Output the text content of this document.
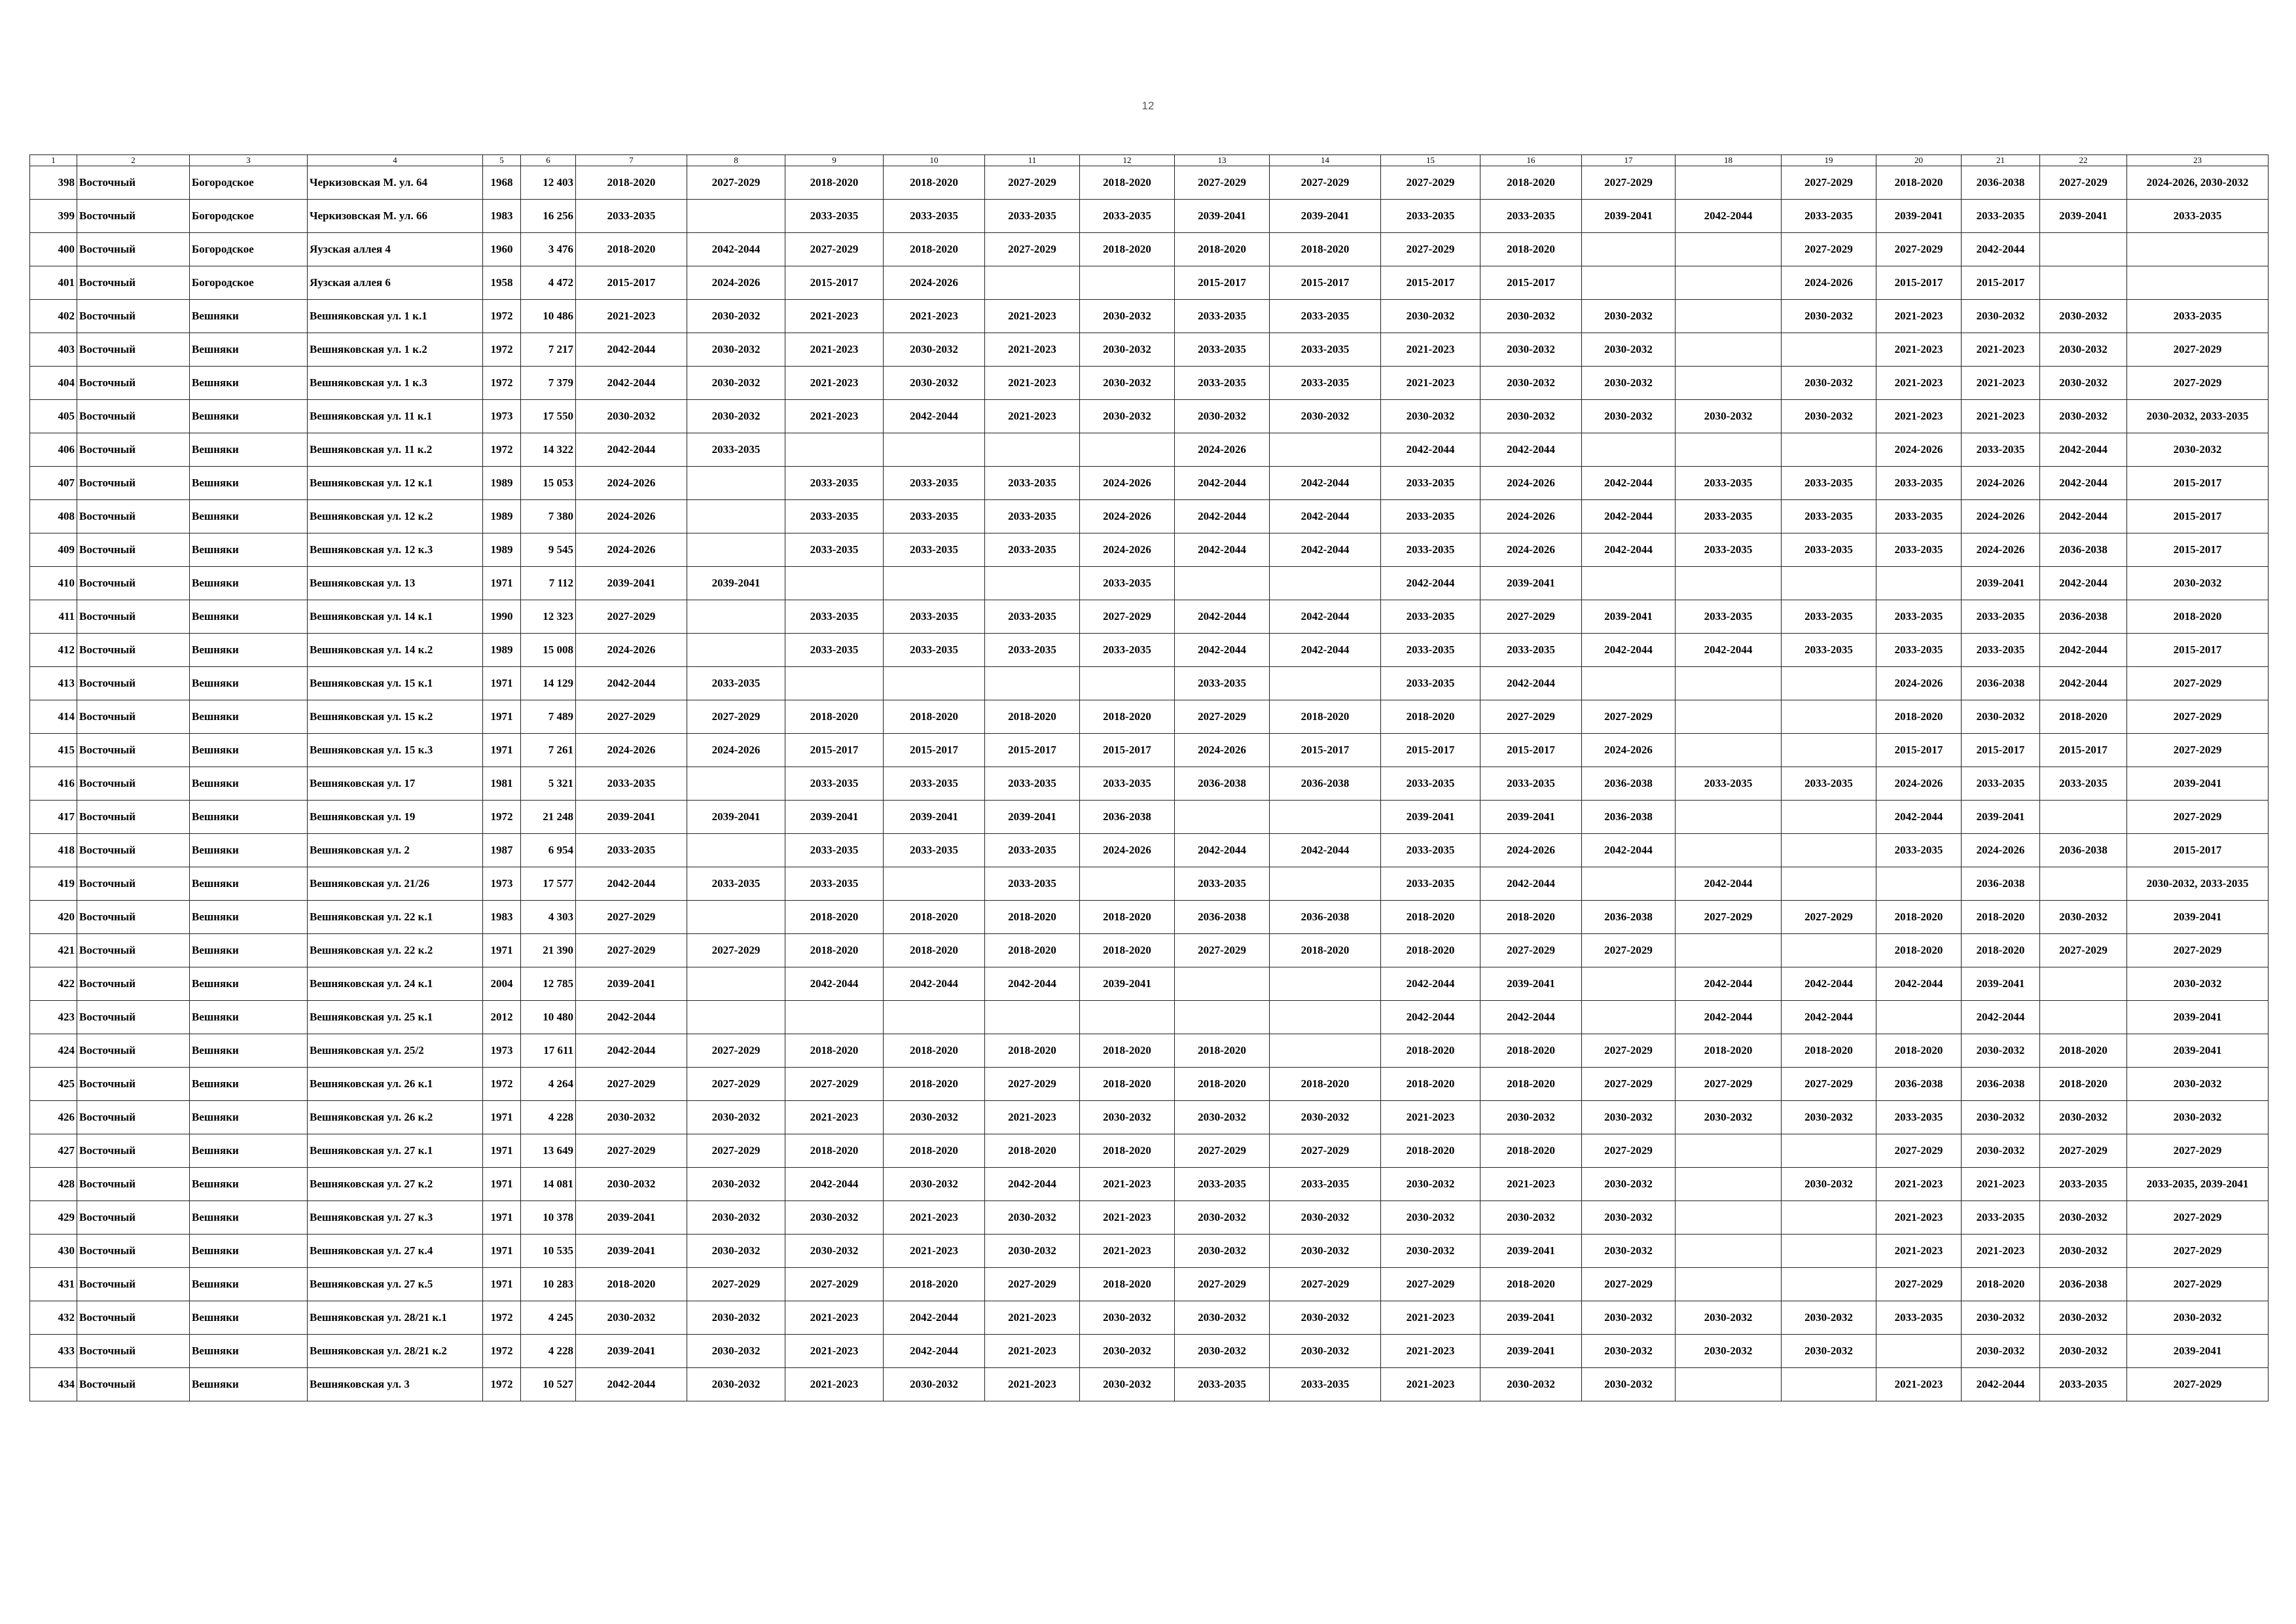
12
1	2	3	4	5	6	7	8	9	10	11	12	13	14	15	16	17	18	19	20	21	22	23
398	Восточный	Богородское	Черкизовская М. ул. 64	1968	12 403	2018-2020	2027-2029	2018-2020	2018-2020	2027-2029	2018-2020	2027-2029	2027-2029	2027-2029	2018-2020	2027-2029		2027-2029	2018-2020	2036-2038	2027-2029	2024-2026, 2030-2032
399	Восточный	Богородское	Черкизовская М. ул. 66	1983	16 256	2033-2035		2033-2035	2033-2035	2033-2035	2033-2035	2039-2041	2039-2041	2033-2035	2033-2035	2039-2041	2042-2044	2033-2035	2039-2041	2033-2035	2039-2041	2033-2035
400	Восточный	Богородское	Яузская аллея 4	1960	3 476	2018-2020	2042-2044	2027-2029	2018-2020	2027-2029	2018-2020	2018-2020	2018-2020	2027-2029	2018-2020			2027-2029	2027-2029	2042-2044		
401	Восточный	Богородское	Яузская аллея 6	1958	4 472	2015-2017	2024-2026	2015-2017	2024-2026			2015-2017	2015-2017	2015-2017	2015-2017			2024-2026	2015-2017	2015-2017		
402	Восточный	Вешняки	Вешняковская ул. 1 к.1	1972	10 486	2021-2023	2030-2032	2021-2023	2021-2023	2021-2023	2030-2032	2033-2035	2033-2035	2030-2032	2030-2032	2030-2032		2030-2032	2021-2023	2030-2032	2030-2032	2033-2035
403	Восточный	Вешняки	Вешняковская ул. 1 к.2	1972	7 217	2042-2044	2030-2032	2021-2023	2030-2032	2021-2023	2030-2032	2033-2035	2033-2035	2021-2023	2030-2032	2030-2032			2021-2023	2021-2023	2030-2032	2027-2029
404	Восточный	Вешняки	Вешняковская ул. 1 к.3	1972	7 379	2042-2044	2030-2032	2021-2023	2030-2032	2021-2023	2030-2032	2033-2035	2033-2035	2021-2023	2030-2032	2030-2032		2030-2032	2021-2023	2021-2023	2030-2032	2027-2029
405	Восточный	Вешняки	Вешняковская ул. 11 к.1	1973	17 550	2030-2032	2030-2032	2021-2023	2042-2044	2021-2023	2030-2032	2030-2032	2030-2032	2030-2032	2030-2032	2030-2032	2030-2032	2030-2032	2021-2023	2021-2023	2030-2032	2030-2032, 2033-2035
406	Восточный	Вешняки	Вешняковская ул. 11 к.2	1972	14 322	2042-2044	2033-2035					2024-2026		2042-2044	2042-2044				2024-2026	2033-2035	2042-2044	2030-2032
407	Восточный	Вешняки	Вешняковская ул. 12 к.1	1989	15 053	2024-2026		2033-2035	2033-2035	2033-2035	2024-2026	2042-2044	2042-2044	2033-2035	2024-2026	2042-2044	2033-2035	2033-2035	2033-2035	2024-2026	2042-2044	2015-2017
408	Восточный	Вешняки	Вешняковская ул. 12 к.2	1989	7 380	2024-2026		2033-2035	2033-2035	2033-2035	2024-2026	2042-2044	2042-2044	2033-2035	2024-2026	2042-2044	2033-2035	2033-2035	2033-2035	2024-2026	2042-2044	2015-2017
409	Восточный	Вешняки	Вешняковская ул. 12 к.3	1989	9 545	2024-2026		2033-2035	2033-2035	2033-2035	2024-2026	2042-2044	2042-2044	2033-2035	2024-2026	2042-2044	2033-2035	2033-2035	2033-2035	2024-2026	2036-2038	2015-2017
410	Восточный	Вешняки	Вешняковская ул. 13	1971	7 112	2039-2041	2039-2041				2033-2035			2042-2044	2039-2041					2039-2041	2042-2044	2030-2032
411	Восточный	Вешняки	Вешняковская ул. 14 к.1	1990	12 323	2027-2029		2033-2035	2033-2035	2033-2035	2027-2029	2042-2044	2042-2044	2033-2035	2027-2029	2039-2041	2033-2035	2033-2035	2033-2035	2033-2035	2036-2038	2018-2020
412	Восточный	Вешняки	Вешняковская ул. 14 к.2	1989	15 008	2024-2026		2033-2035	2033-2035	2033-2035	2033-2035	2042-2044	2042-2044	2033-2035	2033-2035	2042-2044	2042-2044	2033-2035	2033-2035	2033-2035	2042-2044	2015-2017
413	Восточный	Вешняки	Вешняковская ул. 15 к.1	1971	14 129	2042-2044	2033-2035					2033-2035		2033-2035	2042-2044				2024-2026	2036-2038	2042-2044	2027-2029
414	Восточный	Вешняки	Вешняковская ул. 15 к.2	1971	7 489	2027-2029	2027-2029	2018-2020	2018-2020	2018-2020	2018-2020	2027-2029	2018-2020	2018-2020	2027-2029	2027-2029			2018-2020	2030-2032	2018-2020	2027-2029
415	Восточный	Вешняки	Вешняковская ул. 15 к.3	1971	7 261	2024-2026	2024-2026	2015-2017	2015-2017	2015-2017	2015-2017	2024-2026	2015-2017	2015-2017	2015-2017	2024-2026			2015-2017	2015-2017	2015-2017	2027-2029
416	Восточный	Вешняки	Вешняковская ул. 17	1981	5 321	2033-2035		2033-2035	2033-2035	2033-2035	2033-2035	2036-2038	2036-2038	2033-2035	2033-2035	2036-2038	2033-2035	2033-2035	2024-2026	2033-2035	2033-2035	2039-2041
417	Восточный	Вешняки	Вешняковская ул. 19	1972	21 248	2039-2041	2039-2041	2039-2041	2039-2041	2039-2041	2036-2038			2039-2041	2039-2041	2036-2038			2042-2044	2039-2041		2027-2029
418	Восточный	Вешняки	Вешняковская ул. 2	1987	6 954	2033-2035		2033-2035	2033-2035	2033-2035	2024-2026	2042-2044	2042-2044	2033-2035	2024-2026	2042-2044			2033-2035	2024-2026	2036-2038	2015-2017
419	Восточный	Вешняки	Вешняковская ул. 21/26	1973	17 577	2042-2044	2033-2035	2033-2035		2033-2035		2033-2035		2033-2035	2042-2044		2042-2044			2036-2038		2030-2032, 2033-2035
420	Восточный	Вешняки	Вешняковская ул. 22 к.1	1983	4 303	2027-2029		2018-2020	2018-2020	2018-2020	2018-2020	2036-2038	2036-2038	2018-2020	2018-2020	2036-2038	2027-2029	2027-2029	2018-2020	2018-2020	2030-2032	2039-2041
421	Восточный	Вешняки	Вешняковская ул. 22 к.2	1971	21 390	2027-2029	2027-2029	2018-2020	2018-2020	2018-2020	2018-2020	2027-2029	2018-2020	2018-2020	2027-2029	2027-2029			2018-2020	2018-2020	2027-2029	2027-2029
422	Восточный	Вешняки	Вешняковская ул. 24 к.1	2004	12 785	2039-2041		2042-2044	2042-2044	2042-2044	2039-2041			2042-2044	2039-2041		2042-2044	2042-2044	2042-2044	2039-2041		2030-2032
423	Восточный	Вешняки	Вешняковская ул. 25 к.1	2012	10 480	2042-2044								2042-2044	2042-2044		2042-2044	2042-2044		2042-2044		2039-2041
424	Восточный	Вешняки	Вешняковская ул. 25/2	1973	17 611	2042-2044	2027-2029	2018-2020	2018-2020	2018-2020	2018-2020	2018-2020		2018-2020	2018-2020	2027-2029	2018-2020	2018-2020	2018-2020	2030-2032	2018-2020	2039-2041
425	Восточный	Вешняки	Вешняковская ул. 26 к.1	1972	4 264	2027-2029	2027-2029	2027-2029	2018-2020	2027-2029	2018-2020	2018-2020	2018-2020	2018-2020	2018-2020	2027-2029	2027-2029	2027-2029	2036-2038	2036-2038	2018-2020	2030-2032
426	Восточный	Вешняки	Вешняковская ул. 26 к.2	1971	4 228	2030-2032	2030-2032	2021-2023	2030-2032	2021-2023	2030-2032	2030-2032	2030-2032	2021-2023	2030-2032	2030-2032	2030-2032	2030-2032	2033-2035	2030-2032	2030-2032	2030-2032
427	Восточный	Вешняки	Вешняковская ул. 27 к.1	1971	13 649	2027-2029	2027-2029	2018-2020	2018-2020	2018-2020	2018-2020	2027-2029	2027-2029	2018-2020	2018-2020	2027-2029			2027-2029	2030-2032	2027-2029	2027-2029
428	Восточный	Вешняки	Вешняковская ул. 27 к.2	1971	14 081	2030-2032	2030-2032	2042-2044	2030-2032	2042-2044	2021-2023	2033-2035	2033-2035	2030-2032	2021-2023	2030-2032		2030-2032	2021-2023	2021-2023	2033-2035	2033-2035, 2039-2041
429	Восточный	Вешняки	Вешняковская ул. 27 к.3	1971	10 378	2039-2041	2030-2032	2030-2032	2021-2023	2030-2032	2021-2023	2030-2032	2030-2032	2030-2032	2030-2032	2030-2032			2021-2023	2033-2035	2030-2032	2027-2029
430	Восточный	Вешняки	Вешняковская ул. 27 к.4	1971	10 535	2039-2041	2030-2032	2030-2032	2021-2023	2030-2032	2021-2023	2030-2032	2030-2032	2030-2032	2039-2041	2030-2032			2021-2023	2021-2023	2030-2032	2027-2029
431	Восточный	Вешняки	Вешняковская ул. 27 к.5	1971	10 283	2018-2020	2027-2029	2027-2029	2018-2020	2027-2029	2018-2020	2027-2029	2027-2029	2027-2029	2018-2020	2027-2029			2027-2029	2018-2020	2036-2038	2027-2029
432	Восточный	Вешняки	Вешняковская ул. 28/21 к.1	1972	4 245	2030-2032	2030-2032	2021-2023	2042-2044	2021-2023	2030-2032	2030-2032	2030-2032	2021-2023	2039-2041	2030-2032	2030-2032	2030-2032	2033-2035	2030-2032	2030-2032	2030-2032
433	Восточный	Вешняки	Вешняковская ул. 28/21 к.2	1972	4 228	2039-2041	2030-2032	2021-2023	2042-2044	2021-2023	2030-2032	2030-2032	2030-2032	2021-2023	2039-2041	2030-2032	2030-2032	2030-2032		2030-2032	2030-2032	2039-2041
434	Восточный	Вешняки	Вешняковская ул. 3	1972	10 527	2042-2044	2030-2032	2021-2023	2030-2032	2021-2023	2030-2032	2033-2035	2033-2035	2021-2023	2030-2032	2030-2032			2021-2023	2042-2044	2033-2035	2027-2029
